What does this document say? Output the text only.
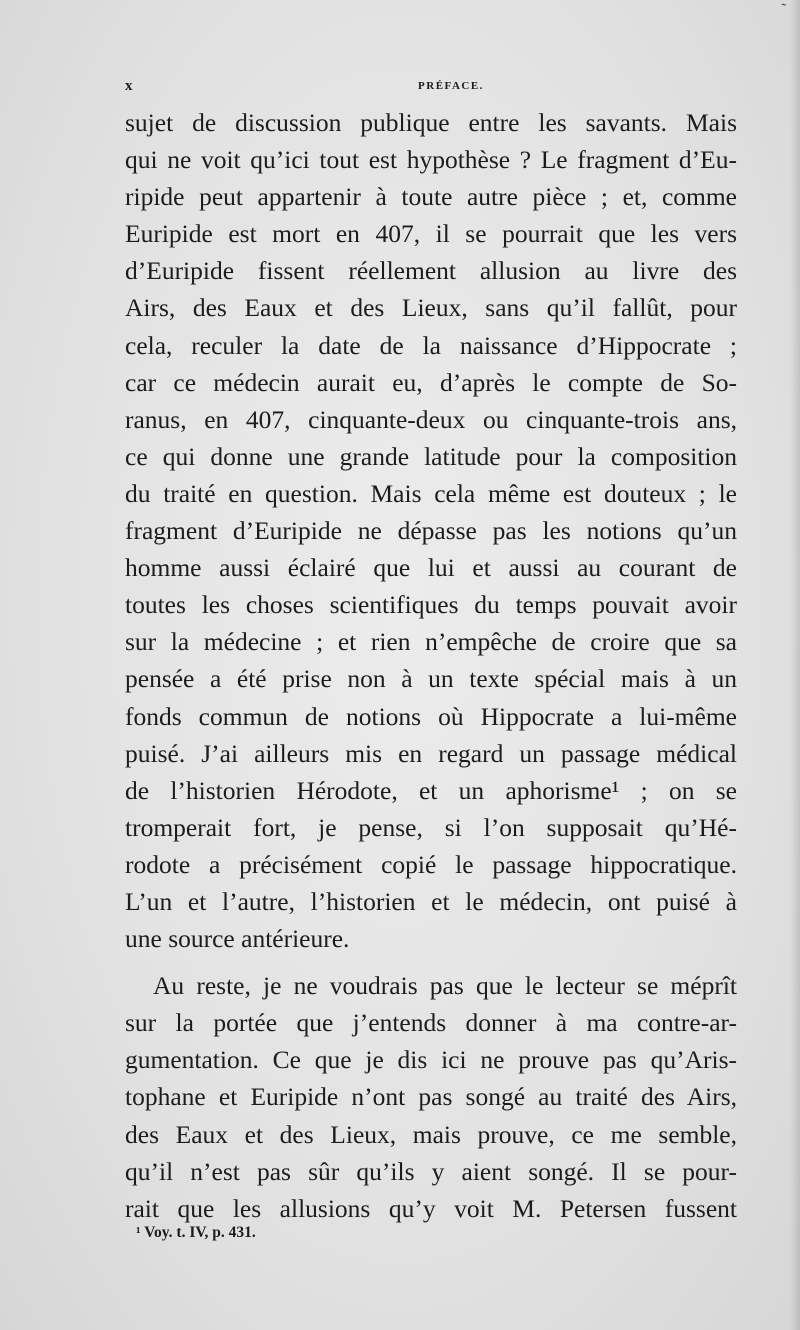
˜
x	PRÉFACE.
sujet de discussion publique entre les savants. Mais
qui ne voit qu’ici tout est hypothèse ? Le fragment d’Eu-
ripide peut appartenir à toute autre pièce ; et, comme
Euripide est mort en 407, il se pourrait que les vers
d’Euripide fissent réellement allusion au livre des
Airs, des Eaux et des Lieux, sans qu’il fallût, pour
cela, reculer la date de la naissance d’Hippocrate ;
car ce médecin aurait eu, d’après le compte de So-
ranus, en 407, cinquante-deux ou cinquante-trois ans,
ce qui donne une grande latitude pour la composition
du traité en question. Mais cela même est douteux ; le
fragment d’Euripide ne dépasse pas les notions qu’un
homme aussi éclairé que lui et aussi au courant de
toutes les choses scientifiques du temps pouvait avoir
sur la médecine ; et rien n’empêche de croire que sa
pensée a été prise non à un texte spécial mais à un
fonds commun de notions où Hippocrate a lui-même
puisé. J’ai ailleurs mis en regard un passage médical
de l’historien Hérodote, et un aphorisme¹ ; on se
tromperait fort, je pense, si l’on supposait qu’Hé-
rodote a précisément copié le passage hippocratique.
L’un et l’autre, l’historien et le médecin, ont puisé à
une source antérieure.
Au reste, je ne voudrais pas que le lecteur se méprît
sur la portée que j’entends donner à ma contre-ar-
gumentation. Ce que je dis ici ne prouve pas qu’Aris-
tophane et Euripide n’ont pas songé au traité des Airs,
des Eaux et des Lieux, mais prouve, ce me semble,
qu’il n’est pas sûr qu’ils y aient songé. Il se pour-
rait que les allusions qu’y voit M. Petersen fussent
¹ Voy. t. IV, p. 431.
